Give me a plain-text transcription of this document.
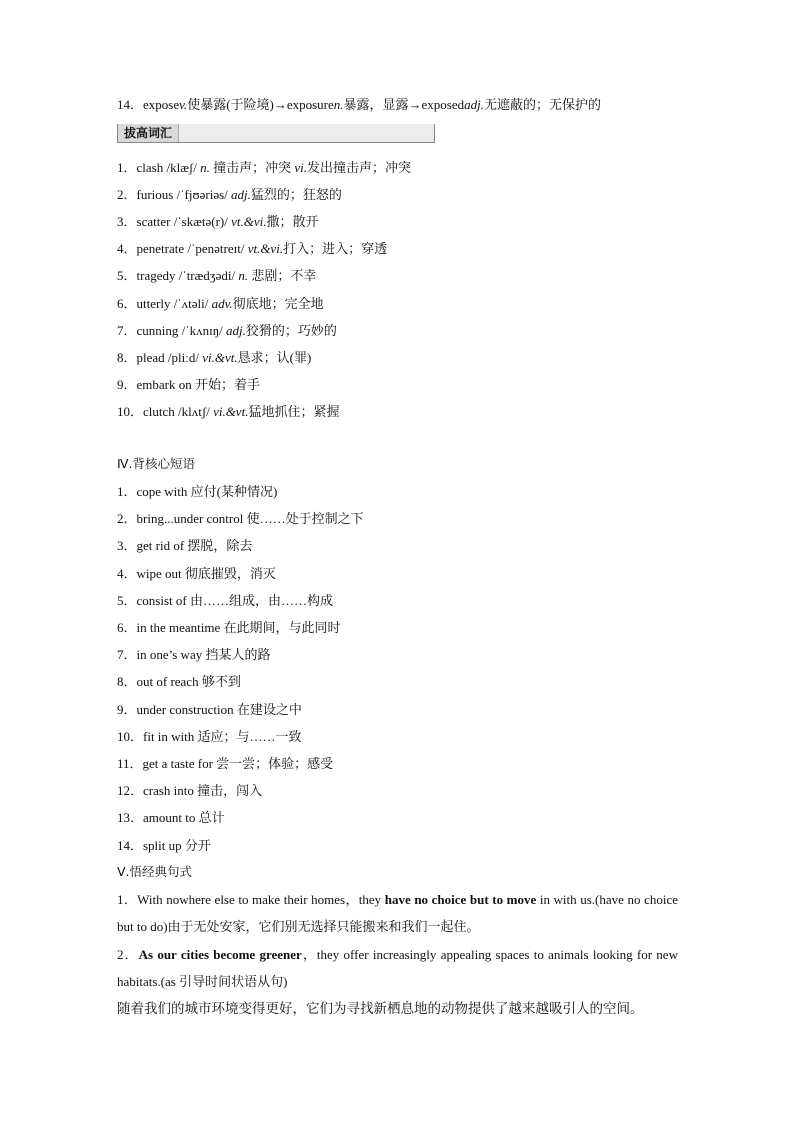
14．exposev.使暴露(于险境)→exposuren.暴露，显露→exposedadj.无遮蔽的；无保护的
拔高词汇
1．clash /klæʃ/ n. 撞击声；冲突 vi.发出撞击声；冲突
2．furious /ˈfjʊəriəs/ adj.猛烈的；狂怒的
3．scatter /ˈskætə(r)/ vt.&vi.撒；散开
4．penetrate /ˈpenətreɪt/ vt.&vi.打入；进入；穿透
5．tragedy /ˈtrædʒədi/ n. 悲剧；不幸
6．utterly /ˈʌtəli/ adv.彻底地；完全地
7．cunning /ˈkʌnɪŋ/ adj.狡猾的；巧妙的
8．plead /pliːd/ vi.&vt.恳求；认(罪)
9．embark on 开始；着手
10．clutch /klʌtʃ/ vi.&vt.猛地抓住；紧握
Ⅳ.背核心短语
1．cope with 应付(某种情况)
2．bring...under control 使……处于控制之下
3．get rid of 摆脱，除去
4．wipe out 彻底摧毁，消灭
5．consist of 由……组成，由……构成
6．in the meantime 在此期间，与此同时
7．in one’s way 挡某人的路
8．out of reach 够不到
9．under construction 在建设之中
10．fit in with 适应；与……一致
11．get a taste for 尝一尝；体验；感受
12．crash into 撞击，闯入
13．amount to 总计
14．split up 分开
Ⅴ.悟经典句式
1．With nowhere else to make their homes，they have no choice but to move in with us.(have no choice but to do)由于无处安家，它们别无选择只能搬来和我们一起住。
2．As our cities become greener，they offer increasingly appealing spaces to animals looking for new habitats.(as 引导时间状语从句)
随着我们的城市环境变得更好，它们为寻找新栖息地的动物提供了越来越吸引人的空间。
